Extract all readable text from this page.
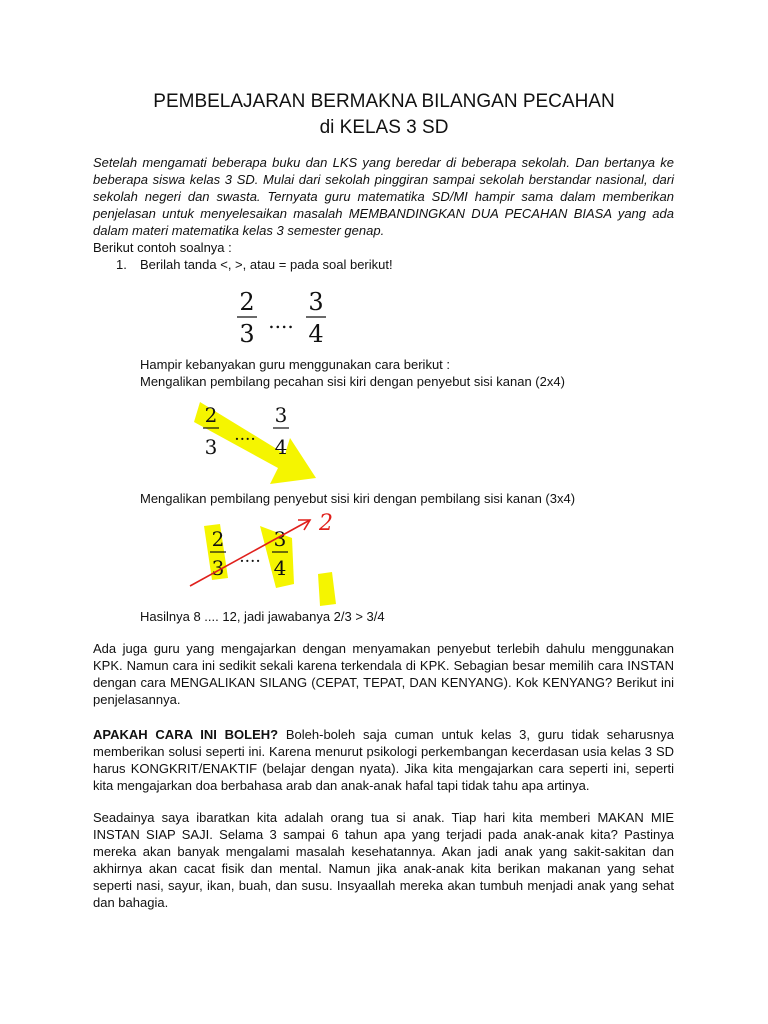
PEMBELAJARAN BERMAKNA BILANGAN PECAHAN
di KELAS 3 SD

Setelah mengamati beberapa buku dan LKS yang beredar di beberapa sekolah. Dan bertanya ke beberapa siswa kelas 3 SD. Mulai dari sekolah pinggiran sampai sekolah berstandar nasional, dari sekolah negeri dan swasta. Ternyata guru matematika SD/MI hampir sama dalam memberikan penjelasan untuk menyelesaikan masalah MEMBANDINGKAN DUA PECAHAN BIASA yang ada dalam materi matematika kelas 3 semester genap.

Berikut contoh soalnya :
1. Berilah tanda <, >, atau = pada soal berikut!
2
3 ....
3
4
Hampir kebanyakan guru menggunakan cara berikut :
Mengalikan pembilang pecahan sisi kiri dengan penyebut sisi kanan (2x4)
2
3 ....
3
4
Mengalikan pembilang penyebut sisi kiri dengan pembilang sisi kanan (3x4)
2
3 ....
3
4
2
Hasilnya 8 .... 12, jadi jawabanya 2/3 > 3/4

Ada juga guru yang mengajarkan dengan menyamakan penyebut terlebih dahulu menggunakan KPK. Namun cara ini sedikit sekali karena terkendala di KPK. Sebagian besar memilih cara INSTAN dengan cara MENGALIKAN SILANG (CEPAT, TEPAT, DAN KENYANG). Kok KENYANG? Berikut ini penjelasannya.

APAKAH CARA INI BOLEH? Boleh-boleh saja cuman untuk kelas 3, guru tidak seharusnya memberikan solusi seperti ini. Karena menurut psikologi perkembangan kecerdasan usia kelas 3 SD harus KONGKRIT/ENAKTIF (belajar dengan nyata). Jika kita mengajarkan cara seperti ini, seperti kita mengajarkan doa berbahasa arab dan anak-anak hafal tapi tidak tahu apa artinya.

Seadainya saya ibaratkan kita adalah orang tua si anak. Tiap hari kita memberi MAKAN MIE INSTAN SIAP SAJI. Selama 3 sampai 6 tahun apa yang terjadi pada anak-anak kita? Pastinya mereka akan banyak mengalami masalah kesehatannya. Akan jadi anak yang sakit-sakitan dan akhirnya akan cacat fisik dan mental. Namun jika anak-anak kita berikan makanan yang sehat seperti nasi, sayur, ikan, buah, dan susu. Insyaallah mereka akan tumbuh menjadi anak yang sehat dan bahagia.
